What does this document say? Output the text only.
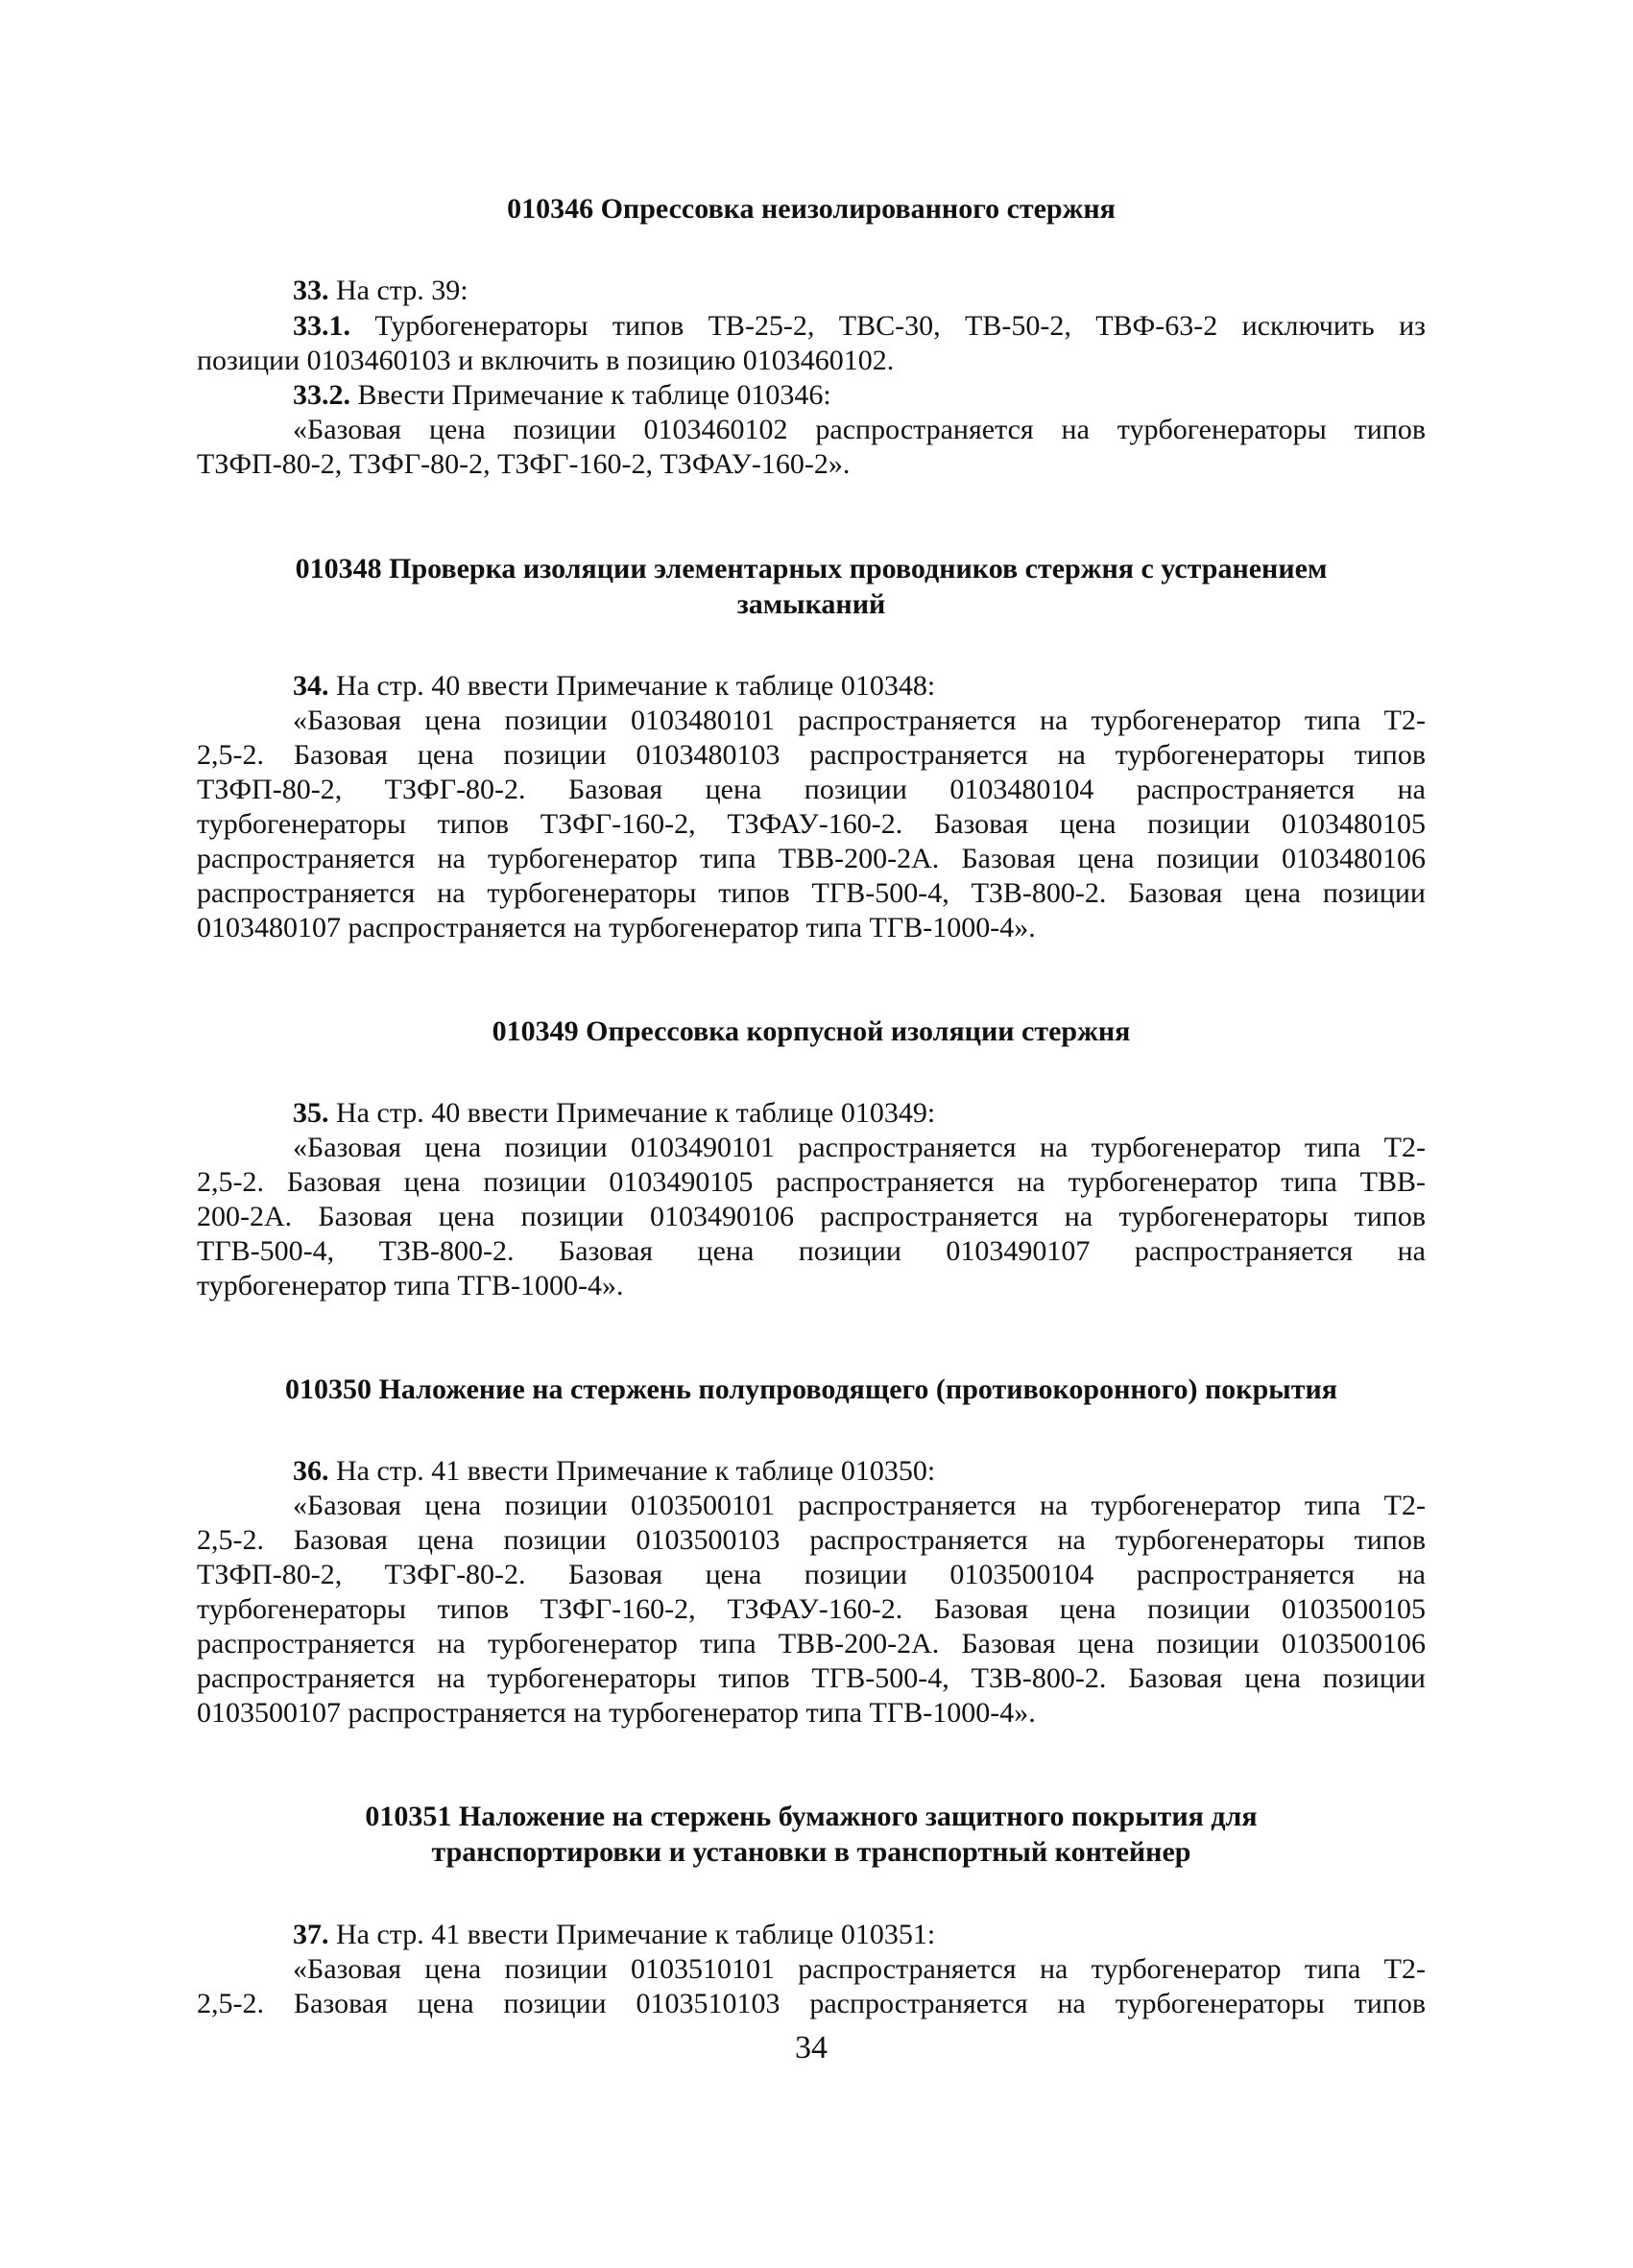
010346 Опрессовка неизолированного стержня
33. На стр. 39:
33.1. Турбогенераторы типов ТВ-25-2, ТВС-30, ТВ-50-2, ТВФ-63-2 исключить из
позиции 0103460103 и включить в позицию 0103460102.
33.2. Ввести Примечание к таблице 010346:
«Базовая цена позиции 0103460102 распространяется на турбогенераторы типов
ТЗФП-80-2, ТЗФГ-80-2, ТЗФГ-160-2, ТЗФАУ-160-2».
010348 Проверка изоляции элементарных проводников стержня с устранением
замыканий
34. На стр. 40 ввести Примечание к таблице 010348:
«Базовая цена позиции 0103480101 распространяется на турбогенератор типа Т2-
2,5-2. Базовая цена позиции 0103480103 распространяется на турбогенераторы типов
ТЗФП-80-2, ТЗФГ-80-2. Базовая цена позиции 0103480104 распространяется на
турбогенераторы типов ТЗФГ-160-2, ТЗФАУ-160-2. Базовая цена позиции 0103480105
распространяется на турбогенератор типа ТВВ-200-2А. Базовая цена позиции 0103480106
распространяется на турбогенераторы типов ТГВ-500-4, ТЗВ-800-2. Базовая цена позиции
0103480107 распространяется на турбогенератор типа ТГВ-1000-4».
010349 Опрессовка корпусной изоляции стержня
35. На стр. 40 ввести Примечание к таблице 010349:
«Базовая цена позиции 0103490101 распространяется на турбогенератор типа Т2-
2,5-2. Базовая цена позиции 0103490105 распространяется на турбогенератор типа ТВВ-
200-2А. Базовая цена позиции 0103490106 распространяется на турбогенераторы типов
ТГВ-500-4, ТЗВ-800-2. Базовая цена позиции 0103490107 распространяется на
турбогенератор типа ТГВ-1000-4».
010350 Наложение на стержень полупроводящего (противокоронного) покрытия
36. На стр. 41 ввести Примечание к таблице 010350:
«Базовая цена позиции 0103500101 распространяется на турбогенератор типа Т2-
2,5-2. Базовая цена позиции 0103500103 распространяется на турбогенераторы типов
ТЗФП-80-2, ТЗФГ-80-2. Базовая цена позиции 0103500104 распространяется на
турбогенераторы типов ТЗФГ-160-2, ТЗФАУ-160-2. Базовая цена позиции 0103500105
распространяется на турбогенератор типа ТВВ-200-2А. Базовая цена позиции 0103500106
распространяется на турбогенераторы типов ТГВ-500-4, ТЗВ-800-2. Базовая цена позиции
0103500107 распространяется на турбогенератор типа ТГВ-1000-4».
010351 Наложение на стержень бумажного защитного покрытия для
транспортировки и установки в транспортный контейнер
37. На стр. 41 ввести Примечание к таблице 010351:
«Базовая цена позиции 0103510101 распространяется на турбогенератор типа Т2-
2,5-2. Базовая цена позиции 0103510103 распространяется на турбогенераторы типов
34
